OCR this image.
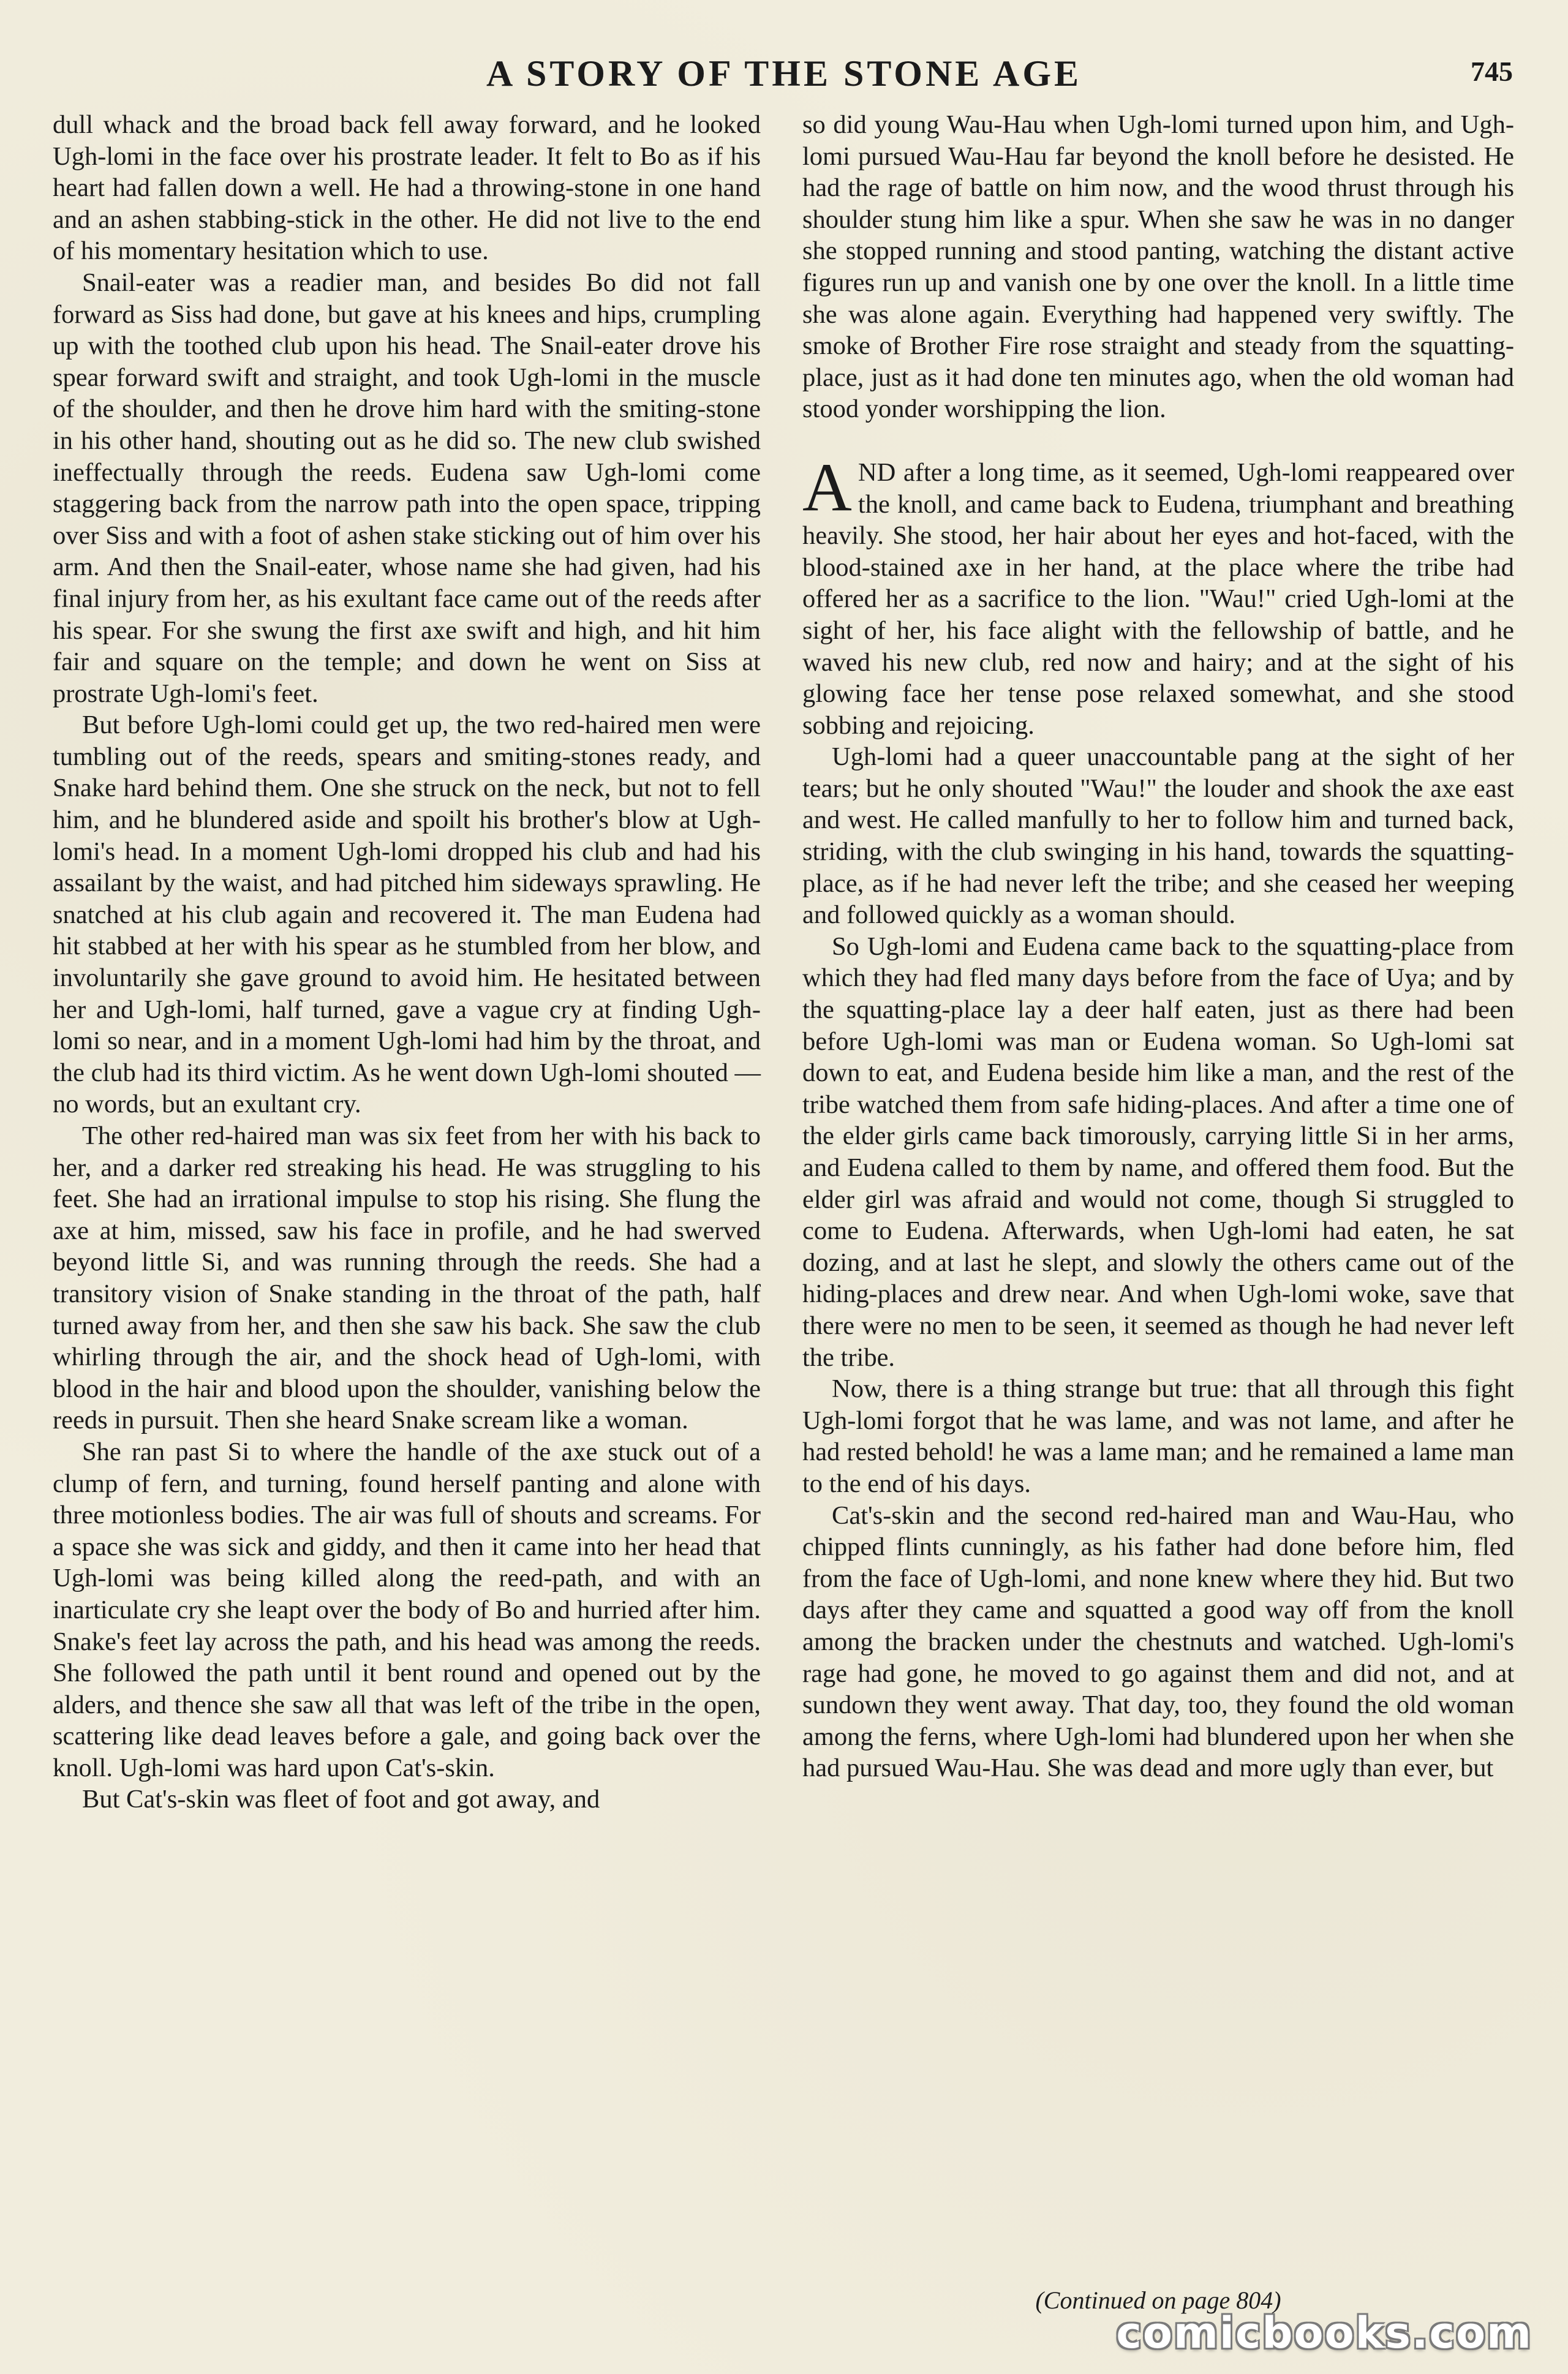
A STORY OF THE STONE AGE	745

dull whack and the broad back fell away forward, and he looked Ugh-lomi in the face over his prostrate leader. It felt to Bo as if his heart had fallen down a well. He had a throwing-stone in one hand and an ashen stabbing-stick in the other. He did not live to the end of his momentary hesitation which to use.

Snail-eater was a readier man, and besides Bo did not fall forward as Siss had done, but gave at his knees and hips, crumpling up with the toothed club upon his head. The Snail-eater drove his spear forward swift and straight, and took Ugh-lomi in the muscle of the shoulder, and then he drove him hard with the smiting-stone in his other hand, shouting out as he did so. The new club swished ineffectually through the reeds. Eudena saw Ugh-lomi come staggering back from the narrow path into the open space, tripping over Siss and with a foot of ashen stake sticking out of him over his arm. And then the Snail-eater, whose name she had given, had his final injury from her, as his exultant face came out of the reeds after his spear. For she swung the first axe swift and high, and hit him fair and square on the temple; and down he went on Siss at prostrate Ugh-lomi's feet.

But before Ugh-lomi could get up, the two red-haired men were tumbling out of the reeds, spears and smiting-stones ready, and Snake hard behind them. One she struck on the neck, but not to fell him, and he blundered aside and spoilt his brother's blow at Ugh-lomi's head. In a moment Ugh-lomi dropped his club and had his assailant by the waist, and had pitched him sideways sprawling. He snatched at his club again and recovered it. The man Eudena had hit stabbed at her with his spear as he stumbled from her blow, and involuntarily she gave ground to avoid him. He hesitated between her and Ugh-lomi, half turned, gave a vague cry at finding Ugh-lomi so near, and in a moment Ugh-lomi had him by the throat, and the club had its third victim. As he went down Ugh-lomi shouted —no words, but an exultant cry.

The other red-haired man was six feet from her with his back to her, and a darker red streaking his head. He was struggling to his feet. She had an irrational impulse to stop his rising. She flung the axe at him, missed, saw his face in profile, and he had swerved beyond little Si, and was running through the reeds. She had a transitory vision of Snake standing in the throat of the path, half turned away from her, and then she saw his back. She saw the club whirling through the air, and the shock head of Ugh-lomi, with blood in the hair and blood upon the shoulder, vanishing below the reeds in pursuit. Then she heard Snake scream like a woman.

She ran past Si to where the handle of the axe stuck out of a clump of fern, and turning, found herself panting and alone with three motionless bodies. The air was full of shouts and screams. For a space she was sick and giddy, and then it came into her head that Ugh-lomi was being killed along the reed-path, and with an inarticulate cry she leapt over the body of Bo and hurried after him. Snake's feet lay across the path, and his head was among the reeds. She followed the path until it bent round and opened out by the alders, and thence she saw all that was left of the tribe in the open, scattering like dead leaves before a gale, and going back over the knoll. Ugh-lomi was hard upon Cat's-skin.

But Cat's-skin was fleet of foot and got away, and

so did young Wau-Hau when Ugh-lomi turned upon him, and Ugh-lomi pursued Wau-Hau far beyond the knoll before he desisted. He had the rage of battle on him now, and the wood thrust through his shoulder stung him like a spur. When she saw he was in no danger she stopped running and stood panting, watching the distant active figures run up and vanish one by one over the knoll. In a little time she was alone again. Everything had happened very swiftly. The smoke of Brother Fire rose straight and steady from the squatting-place, just as it had done ten minutes ago, when the old woman had stood yonder worshipping the lion.

AND after a long time, as it seemed, Ugh-lomi reappeared over the knoll, and came back to Eudena, triumphant and breathing heavily. She stood, her hair about her eyes and hot-faced, with the blood-stained axe in her hand, at the place where the tribe had offered her as a sacrifice to the lion. "Wau!" cried Ugh-lomi at the sight of her, his face alight with the fellowship of battle, and he waved his new club, red now and hairy; and at the sight of his glowing face her tense pose relaxed somewhat, and she stood sobbing and rejoicing.

Ugh-lomi had a queer unaccountable pang at the sight of her tears; but he only shouted "Wau!" the louder and shook the axe east and west. He called manfully to her to follow him and turned back, striding, with the club swinging in his hand, towards the squatting-place, as if he had never left the tribe; and she ceased her weeping and followed quickly as a woman should.

So Ugh-lomi and Eudena came back to the squatting-place from which they had fled many days before from the face of Uya; and by the squatting-place lay a deer half eaten, just as there had been before Ugh-lomi was man or Eudena woman. So Ugh-lomi sat down to eat, and Eudena beside him like a man, and the rest of the tribe watched them from safe hiding-places. And after a time one of the elder girls came back timorously, carrying little Si in her arms, and Eudena called to them by name, and offered them food. But the elder girl was afraid and would not come, though Si struggled to come to Eudena. Afterwards, when Ugh-lomi had eaten, he sat dozing, and at last he slept, and slowly the others came out of the hiding-places and drew near. And when Ugh-lomi woke, save that there were no men to be seen, it seemed as though he had never left the tribe.

Now, there is a thing strange but true: that all through this fight Ugh-lomi forgot that he was lame, and was not lame, and after he had rested behold! he was a lame man; and he remained a lame man to the end of his days.

Cat's-skin and the second red-haired man and Wau-Hau, who chipped flints cunningly, as his father had done before him, fled from the face of Ugh-lomi, and none knew where they hid. But two days after they came and squatted a good way off from the knoll among the bracken under the chestnuts and watched. Ugh-lomi's rage had gone, he moved to go against them and did not, and at sundown they went away. That day, too, they found the old woman among the ferns, where Ugh-lomi had blundered upon her when she had pursued Wau-Hau. She was dead and more ugly than ever, but

(Continued on page 804)
comicbooks.com
